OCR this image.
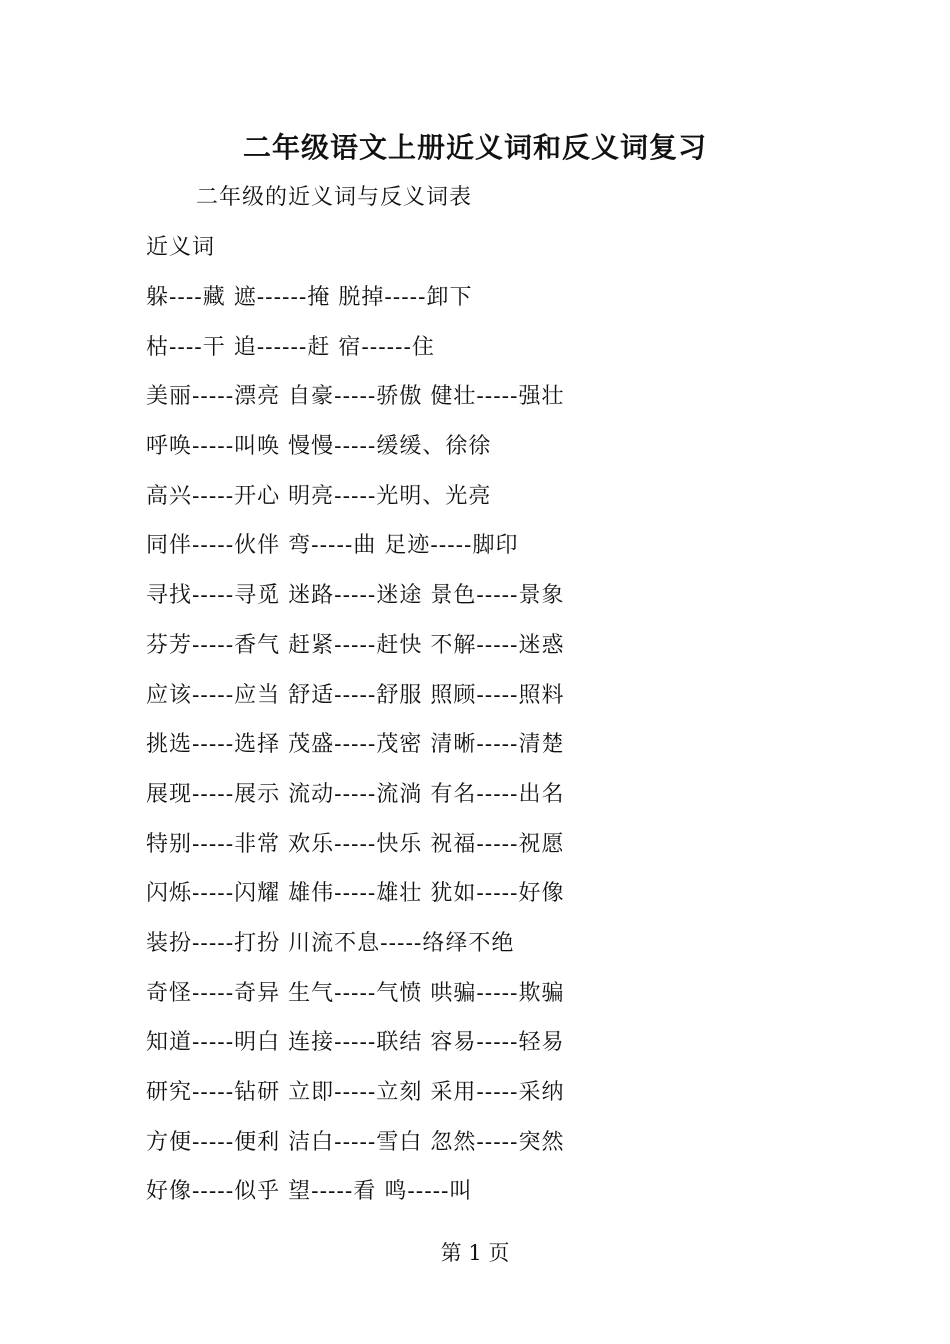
二年级语文上册近义词和反义词复习
二年级的近义词与反义词表
近义词
躲----藏 遮------掩 脱掉-----卸下
枯----干 追------赶 宿------住
美丽-----漂亮 自豪-----骄傲 健壮-----强壮
呼唤-----叫唤 慢慢-----缓缓、徐徐
高兴-----开心 明亮-----光明、光亮
同伴-----伙伴 弯-----曲 足迹-----脚印
寻找-----寻觅 迷路-----迷途 景色-----景象
芬芳-----香气 赶紧-----赶快 不解-----迷惑
应该-----应当 舒适-----舒服 照顾-----照料
挑选-----选择 茂盛-----茂密 清晰-----清楚
展现-----展示 流动-----流淌 有名-----出名
特别-----非常 欢乐-----快乐 祝福-----祝愿
闪烁-----闪耀 雄伟-----雄壮 犹如-----好像
装扮-----打扮 川流不息-----络绎不绝
奇怪-----奇异 生气-----气愤 哄骗-----欺骗
知道-----明白 连接-----联结 容易-----轻易
研究-----钻研 立即-----立刻 采用-----采纳
方便-----便利 洁白-----雪白 忽然-----突然
好像-----似乎 望-----看 鸣-----叫
第 1 页
